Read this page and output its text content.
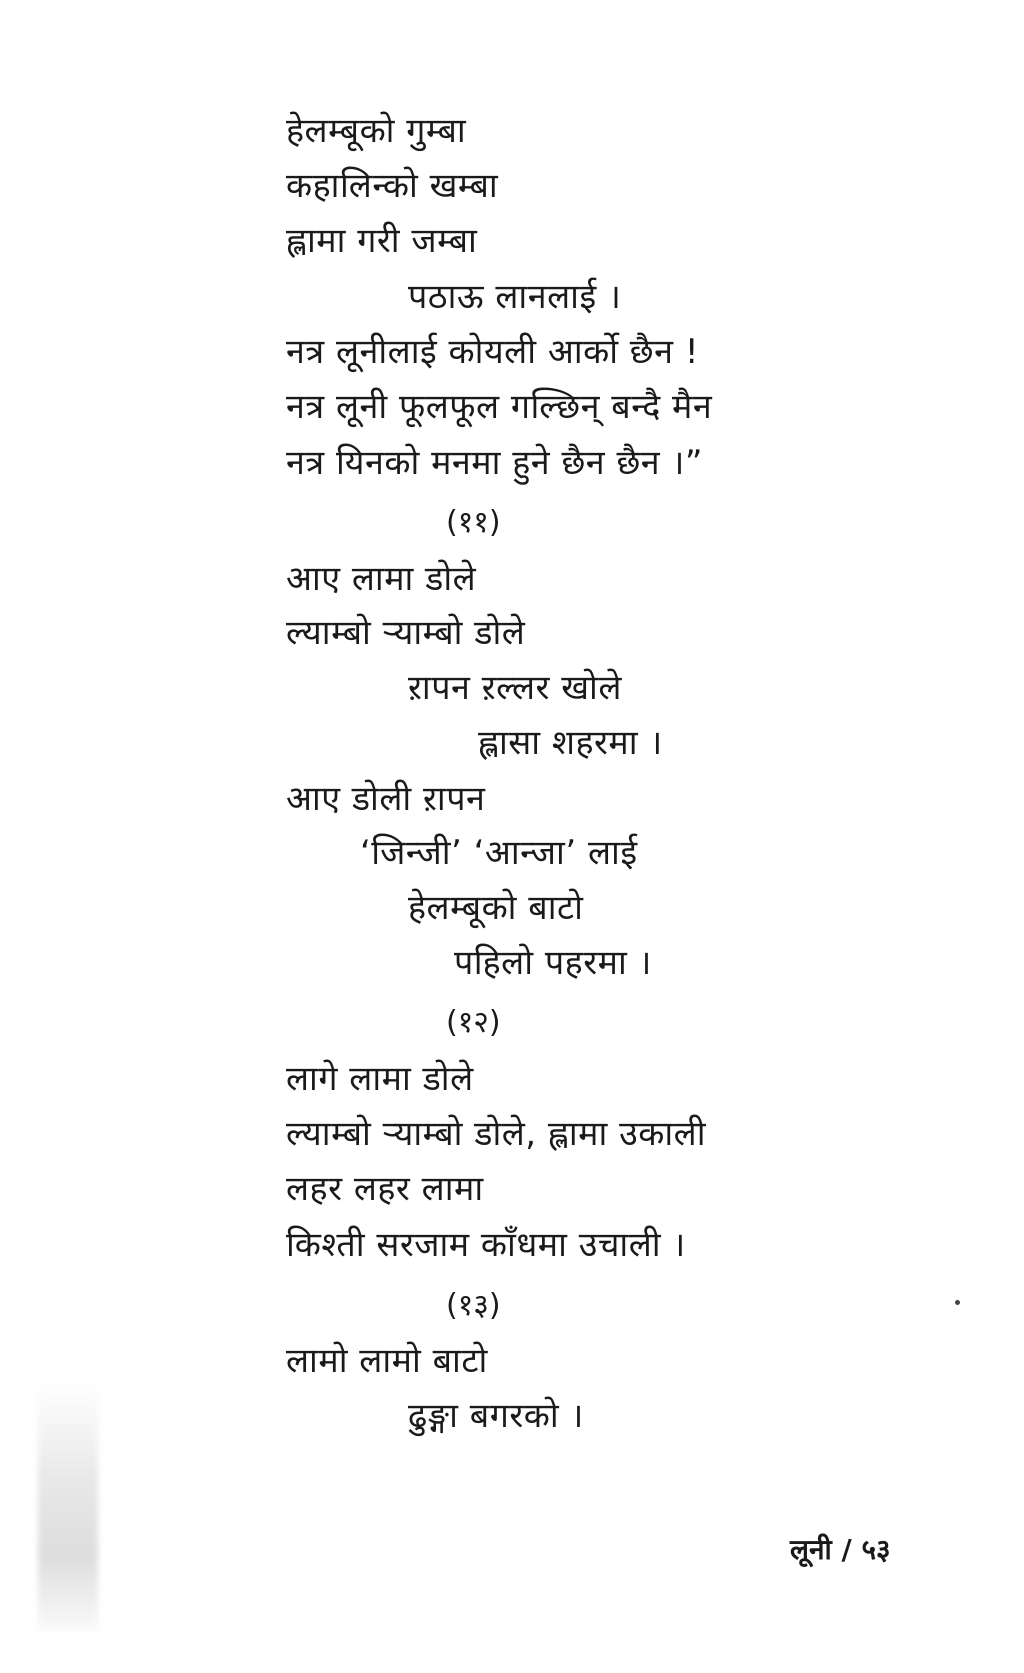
हेलम्बूको गुम्बा
कहालिन्को खम्बा
ह्लामा गरी जम्बा
पठाऊ लानलाई ।
नत्र लूनीलाई कोयली आर्को छैन !
नत्र लूनी फूलफूल गल्छिन् बन्दै मैन
नत्र यिनको मनमा हुने छैन छैन ।”
(११)
आए लामा डोले
ल्याम्बो ऱ्याम्बो डोले
ऱापन ऱल्लर खोले
ह्लासा शहरमा ।
आए डोली ऱापन
‘जिन्जी’ ‘आन्जा’ लाई
हेलम्बूको बाटो
पहिलो पहरमा ।
(१२)
लागे लामा डोले
ल्याम्बो ऱ्याम्बो डोले, ह्लामा उकाली
लहर लहर लामा
किश्ती सरजाम काँधमा उचाली ।
(१३)
लामो लामो बाटो
ढुङ्गा बगरको ।
लूनी / ५३
